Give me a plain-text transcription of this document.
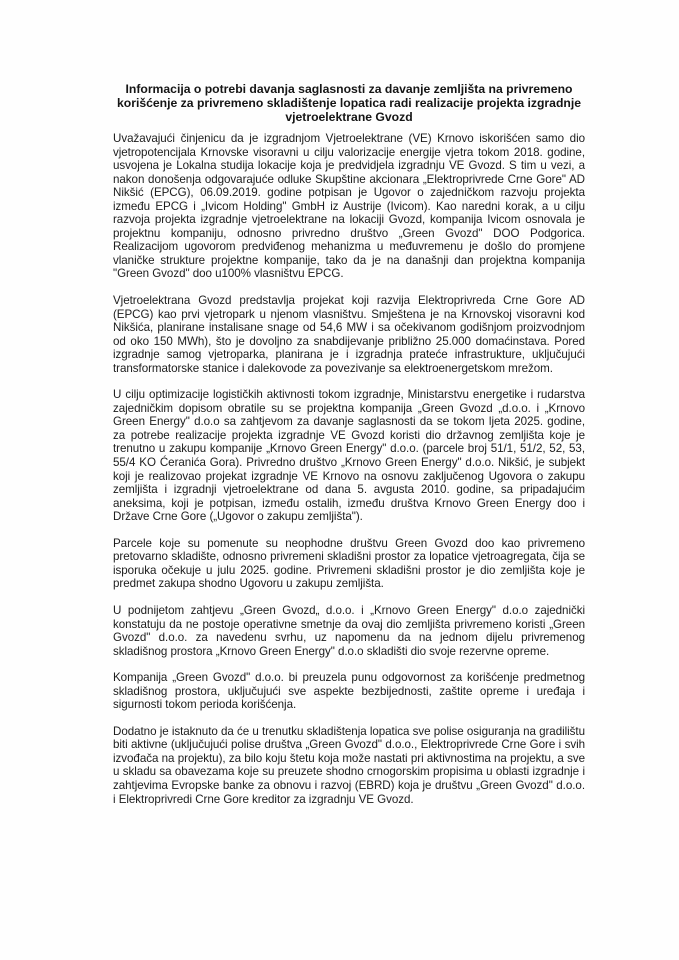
Informacija o potrebi davanja saglasnosti za davanje zemljišta na privremeno korišćenje za privremeno skladištenje lopatica radi realizacije projekta izgradnje vjetroelektrane Gvozd

Uvažavajući činjenicu da je izgradnjom Vjetroelektrane (VE) Krnovo iskorišćen samo dio vjetropotencijala Krnovske visoravni u cilju valorizacije energije vjetra tokom 2018. godine, usvojena je Lokalna studija lokacije koja je predvidjela izgradnju VE Gvozd. S tim u vezi, a nakon donošenja odgovarajuće odluke Skupštine akcionara „Elektroprivrede Crne Gore" AD Nikšić (EPCG), 06.09.2019. godine potpisan je Ugovor o zajedničkom razvoju projekta između EPCG i „Ivicom Holding" GmbH iz Austrije (Ivicom). Kao naredni korak, a u cilju razvoja projekta izgradnje vjetroelektrane na lokaciji Gvozd, kompanija Ivicom osnovala je projektnu kompaniju, odnosno privredno društvo „Green Gvozd" DOO Podgorica. Realizacijom ugovorom predviđenog mehanizma u međuvremenu je došlo do promjene vlaničke strukture projektne kompanije, tako da je na današnji dan projektna kompanija "Green Gvozd" doo u100% vlasništvu EPCG.

Vjetroelektrana Gvozd predstavlja projekat koji razvija Elektroprivreda Crne Gore AD (EPCG) kao prvi vjetropark u njenom vlasništvu. Smještena je na Krnovskoj visoravni kod Nikšića, planirane instalisane snage od 54,6 MW i sa očekivanom godišnjom proizvodnjom od oko 150 MWh), što je dovoljno za snabdijevanje približno 25.000 domaćinstava. Pored izgradnje samog vjetroparka, planirana je i izgradnja prateće infrastrukture, uključujući transformatorske stanice i dalekovode za povezivanje sa elektroenergetskom mrežom.

U cilju optimizacije logističkih aktivnosti tokom izgradnje, Ministarstvu energetike i rudarstva zajedničkim dopisom obratile su se projektna kompanija „Green Gvozd „d.o.o. i „Krnovo Green Energy" d.o.o sa zahtjevom za davanje saglasnosti da se tokom ljeta 2025. godine, za potrebe realizacije projekta izgradnje VE Gvozd koristi dio državnog zemljišta koje je trenutno u zakupu kompanije „Krnovo Green Energy" d.o.o. (parcele broj 51/1, 51/2, 52, 53, 55/4 KO Ćeranića Gora). Privredno društvo „Krnovo Green Energy" d.o.o. Nikšić, je subjekt koji je realizovao projekat izgradnje VE Krnovo na osnovu zaključenog Ugovora o zakupu zemljišta i izgradnji vjetroelektrane od dana 5. avgusta 2010. godine, sa pripadajućim aneksima, koji je potpisan, između ostalih, između društva Krnovo Green Energy doo i Države Crne Gore („Ugovor o zakupu zemljišta").

Parcele koje su pomenute su neophodne društvu Green Gvozd doo kao privremeno pretovarno skladište, odnosno privremeni skladišni prostor za lopatice vjetroagregata, čija se isporuka očekuje u julu 2025. godine. Privremeni skladišni prostor je dio zemljišta koje je predmet zakupa shodno Ugovoru u zakupu zemljišta.

U podnijetom zahtjevu „Green Gvozd„ d.o.o. i „Krnovo Green Energy" d.o.o zajednički konstatuju da ne postoje operativne smetnje da ovaj dio zemljišta privremeno koristi „Green Gvozd" d.o.o. za navedenu svrhu, uz napomenu da na jednom dijelu privremenog skladišnog prostora „Krnovo Green Energy" d.o.o skladišti dio svoje rezervne opreme.

Kompanija „Green Gvozd" d.o.o. bi preuzela punu odgovornost za korišćenje predmetnog skladišnog prostora, uključujući sve aspekte bezbijednosti, zaštite opreme i uređaja i sigurnosti tokom perioda korišćenja.

Dodatno je istaknuto da će u trenutku skladištenja lopatica sve polise osiguranja na gradilištu biti aktivne (uključujući polise društva „Green Gvozd" d.o.o., Elektroprivrede Crne Gore i svih izvođača na projektu), za bilo koju štetu koja može nastati pri aktivnostima na projektu, a sve u skladu sa obavezama koje su preuzete shodno crnogorskim propisima u oblasti izgradnje i zahtjevima Evropske banke za obnovu i razvoj (EBRD) koja je društvu „Green Gvozd" d.o.o. i Elektroprivredi Crne Gore kreditor za izgradnju VE Gvozd.
